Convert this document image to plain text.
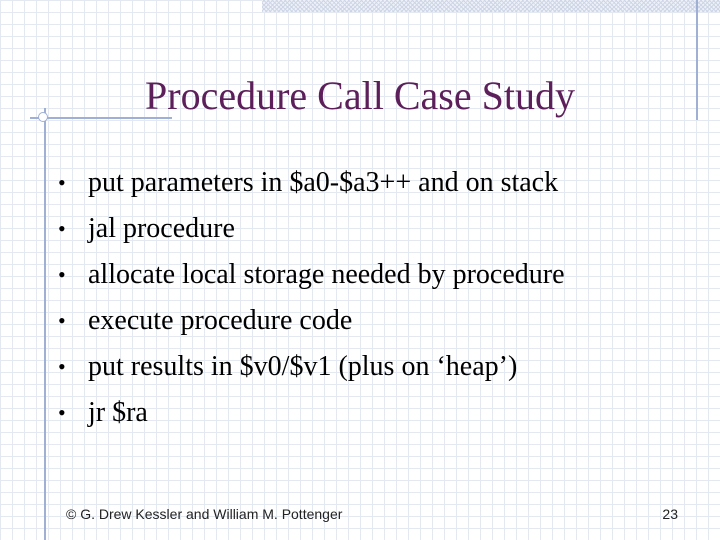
Procedure Call Case Study
• put parameters in $a0-$a3++ and on stack
• jal procedure
• allocate local storage needed by procedure
• execute procedure code
• put results in $v0/$v1 (plus on ‘heap’)
• jr $ra
© G. Drew Kessler and William M. Pottenger	23
